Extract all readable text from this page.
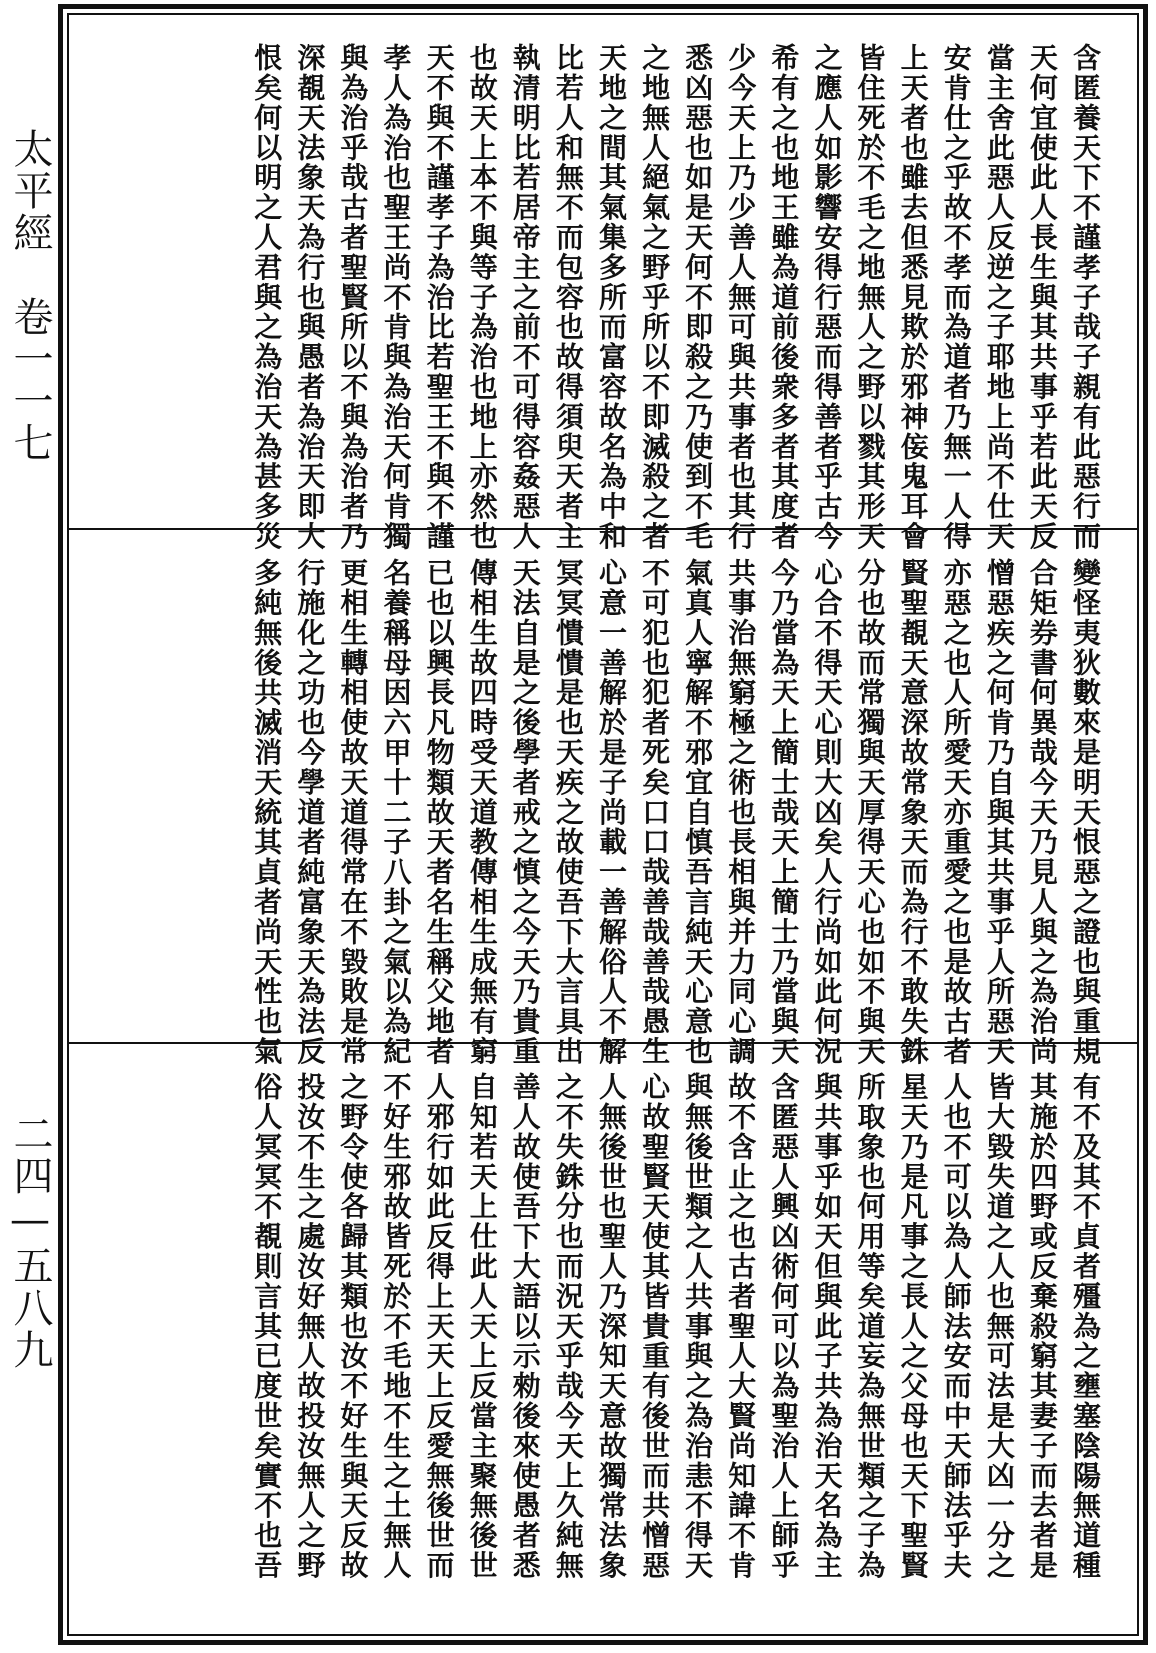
太平經　卷一一七
二四—五八九
含匿養天下不謹孝子哉子親有此惡行而
天何宜使此人長生與其共事乎若此天反
當主舍此惡人反逆之子耶地上尚不仕天
安肯仕之乎故不孝而為道者乃無一人得
上天者也雖去但悉見欺於邪神侫鬼耳會
皆住死於不毛之地無人之野以戮其形天
之應人如影響安得行惡而得善者乎古今
希有之也地王雖為道前後衆多者其度者
少今天上乃少善人無可與共事者也其行
悉凶惡也如是天何不即殺之乃使到不毛
之地無人絕氣之野乎所以不即滅殺之者
天地之間其氣集多所而富容故名為中和
比若人和無不而包容也故得須臾天者主
執清明比若居帝主之前不可得容姦惡人
也故天上本不與等子為治也地上亦然也
天不與不謹孝子為治比若聖王不與不謹
孝人為治也聖王尚不肯與為治天何肯獨
與為治乎哉古者聖賢所以不與為治者乃
深覩天法象天為行也與愚者為治天即大
恨矣何以明之人君與之為治天為甚多災
變怪夷狄數來是明天恨惡之證也與重規
合矩券書何異哉今天乃見人與之為治尚
憎惡疾之何肯乃自與其共事乎人所惡天
亦惡之也人所愛天亦重愛之也是故古者
賢聖覩天意深故常象天而為行不敢失銖
分也故而常獨與天厚得天心也如不與天
心合不得天心則大凶矣人行尚如此何況
今乃當為天上簡士哉天上簡士乃當與天
共事治無窮極之術也長相與并力同心調
氣真人寧解不邪宜自慎吾言純天心意也
不可犯也犯者死矣口口哉善哉善哉愚生
心意一善解於是子尚載一善解俗人不解
冥冥憒憒是也天疾之故使吾下大言具出
天法自是之後學者戒之慎之今天乃貴重
傳相生故四時受天道教傳相生成無有窮
已也以興長凡物類故天者名生稱父地者
名養稱母因六甲十二子八卦之氣以為紀
更相生轉相使故天道得常在不毀敗是常
行施化之功也今學道者純富象天為法反
多純無後共滅消天統其貞者尚天性也氣
有不及其不貞者殭為之壅塞陰陽無道種
其施於四野或反棄殺窮其妻子而去者是
皆大毀失道之人也無可法是大凶一分之
人也不可以為人師法安而中天師法乎夫
星天乃是凡事之長人之父母也天下聖賢
所取象也何用等矣道妄為無世類之子為
與共事乎如天但與此子共為治天名為主
含匿惡人興凶術何可以為聖治人上師乎
故不含止之也古者聖人大賢尚知諱不肯
與無後世類之人共事與之為治恚不得天
心故聖賢天使其皆貴重有後世而共憎惡
人無後世也聖人乃深知天意故獨常法象
之不失銖分也而況天乎哉今天上久純無
善人故使吾下大語以示勑後來使愚者悉
自知若天上仕此人天上反當主聚無後世
人邪行如此反得上天天上反愛無後世而
不好生邪故皆死於不毛地不生之土無人
之野令使各歸其類也汝不好生與天反故
投汝不生之處汝好無人故投汝無人之野
俗人冥冥不覩則言其已度世矣實不也吾
